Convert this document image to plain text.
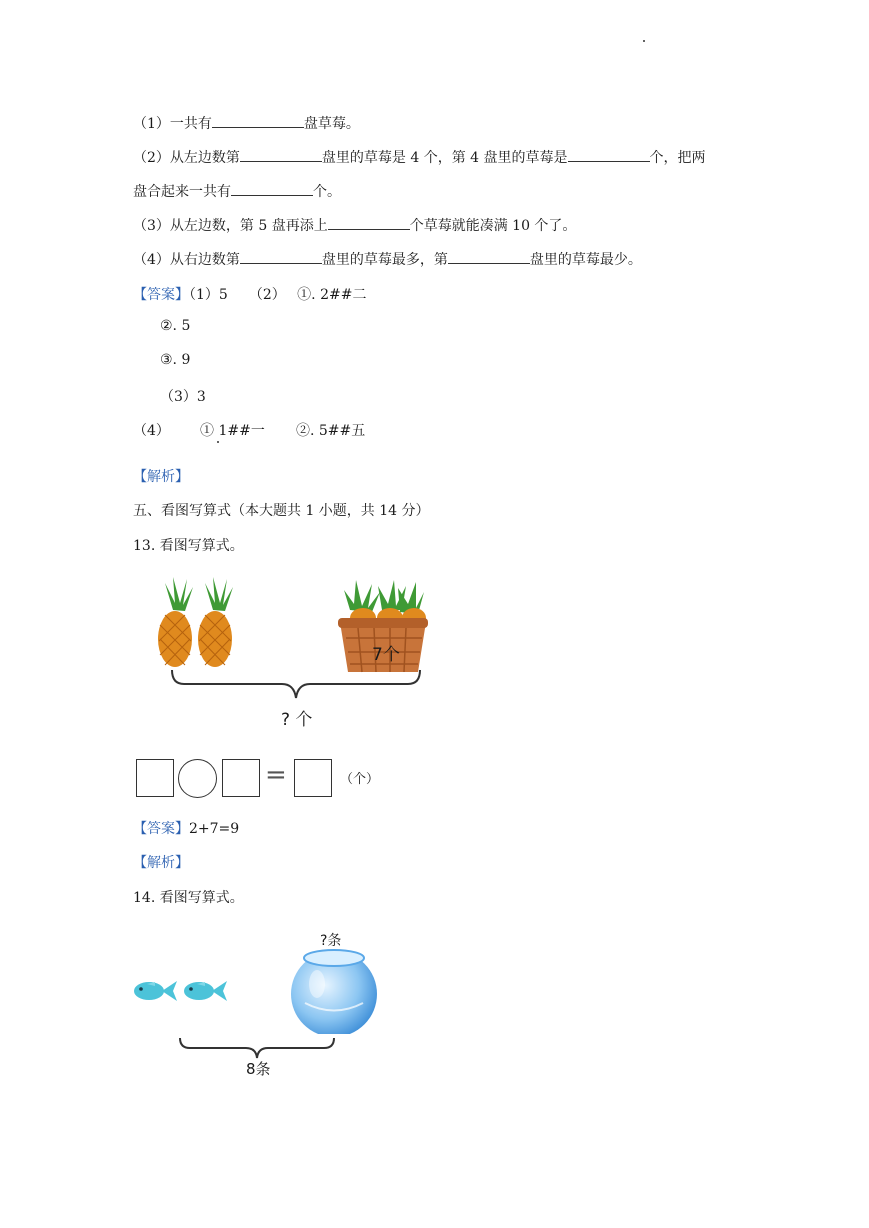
（1）一共有	盘草莓。
（2）从左边数第	盘里的草莓是 4 个，第 4 盘里的草莓是	个，把两
盘合起来一共有	个。
（3）从左边数，第 5 盘再添上	个草莓就能凑满 10 个了。
（4）从右边数第	盘里的草莓最多，第	盘里的草莓最少。
【答案】（1）5　　（2）　 ①. 2##二
②. 5
③. 9
（3）3
（4） ① 1##一 ②. 5##五
【解析】
五、看图写算式（本大题共 1 小题，共 14 分）
13. 看图写算式。
7个
? 个
=	（个）
【答案】2+7=9
【解析】
14. 看图写算式。
?条
8条
